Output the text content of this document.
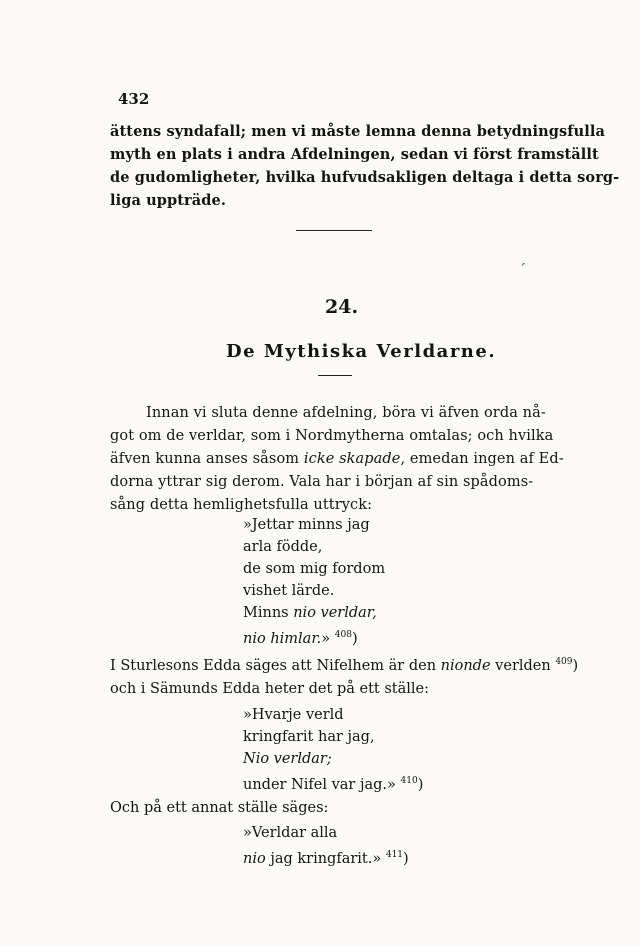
432
ättens syndafall; men vi måste lemna denna betydningsfulla
myth en plats i andra Afdelningen, sedan vi först framställt
de gudomligheter, hvilka hufvudsakligen deltaga i detta sorg-
liga uppträde.
ˊ
24.
De Mythiska Verldarne.
Innan vi sluta denne afdelning, böra vi äfven orda nå-
got om de verldar, som i Nordmytherna omtalas; och hvilka
äfven kunna anses såsom icke skapade, emedan ingen af Ed-
dorna yttrar sig derom. Vala har i början af sin spådoms-
sång detta hemlighetsfulla uttryck:
»Jettar minns jag
arla födde,
de som mig fordom
vishet lärde.
Minns nio verldar,
nio himlar.» $^{408}$)
I Sturlesons Edda säges att Nifelhem är den nionde verlden $^{409}$)
och i Sämunds Edda heter det på ett ställe:
»Hvarje verld
kringfarit har jag,
Nio verldar;
under Nifel var jag.» $^{410}$)
Och på ett annat ställe säges:
»Verldar alla
nio jag kringfarit.» $^{411}$)
